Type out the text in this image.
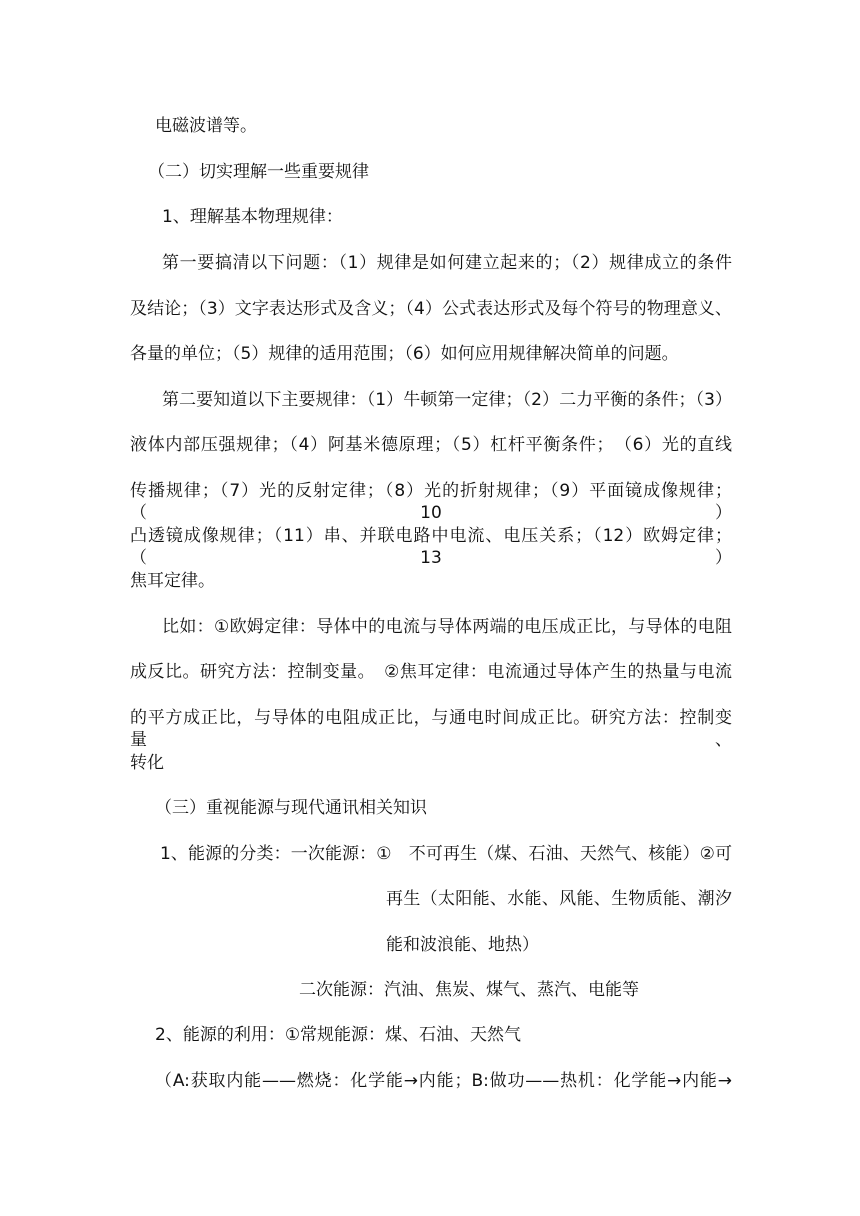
电磁波谱等。
（二）切实理解一些重要规律
1、理解基本物理规律：
第一要搞清以下问题：（1）规律是如何建立起来的；（2）规律成立的条件
及结论；（3）文字表达形式及含义；（4）公式表达形式及每个符号的物理意义、
各量的单位；（5）规律的适用范围；（6）如何应用规律解决简单的问题。
第二要知道以下主要规律：（1）牛顿第一定律；（2）二力平衡的条件；（3）
液体内部压强规律；（4）阿基米德原理；（5）杠杆平衡条件；　（6）光的直线
传播规律；（7）光的反射定律；（8）光的折射规律；（9）平面镜成像规律；（10）
凸透镜成像规律；（11）串、并联电路中电流、电压关系；（12）欧姆定律；（13）
焦耳定律。
比如：①欧姆定律：导体中的电流与导体两端的电压成正比，与导体的电阻
成反比。研究方法：控制变量。　②焦耳定律：电流通过导体产生的热量与电流
的平方成正比，与导体的电阻成正比，与通电时间成正比。研究方法：控制变量、
转化
（三）重视能源与现代通讯相关知识
1、能源的分类：一次能源：①　不可再生（煤、石油、天然气、核能）②可
再生（太阳能、水能、风能、生物质能、潮汐
能和波浪能、地热）
二次能源：汽油、焦炭、煤气、蒸汽、电能等
2、能源的利用：①常规能源：煤、石油、天然气
（A:获取内能——燃烧：化学能→内能；B:做功——热机：化学能→内能→
